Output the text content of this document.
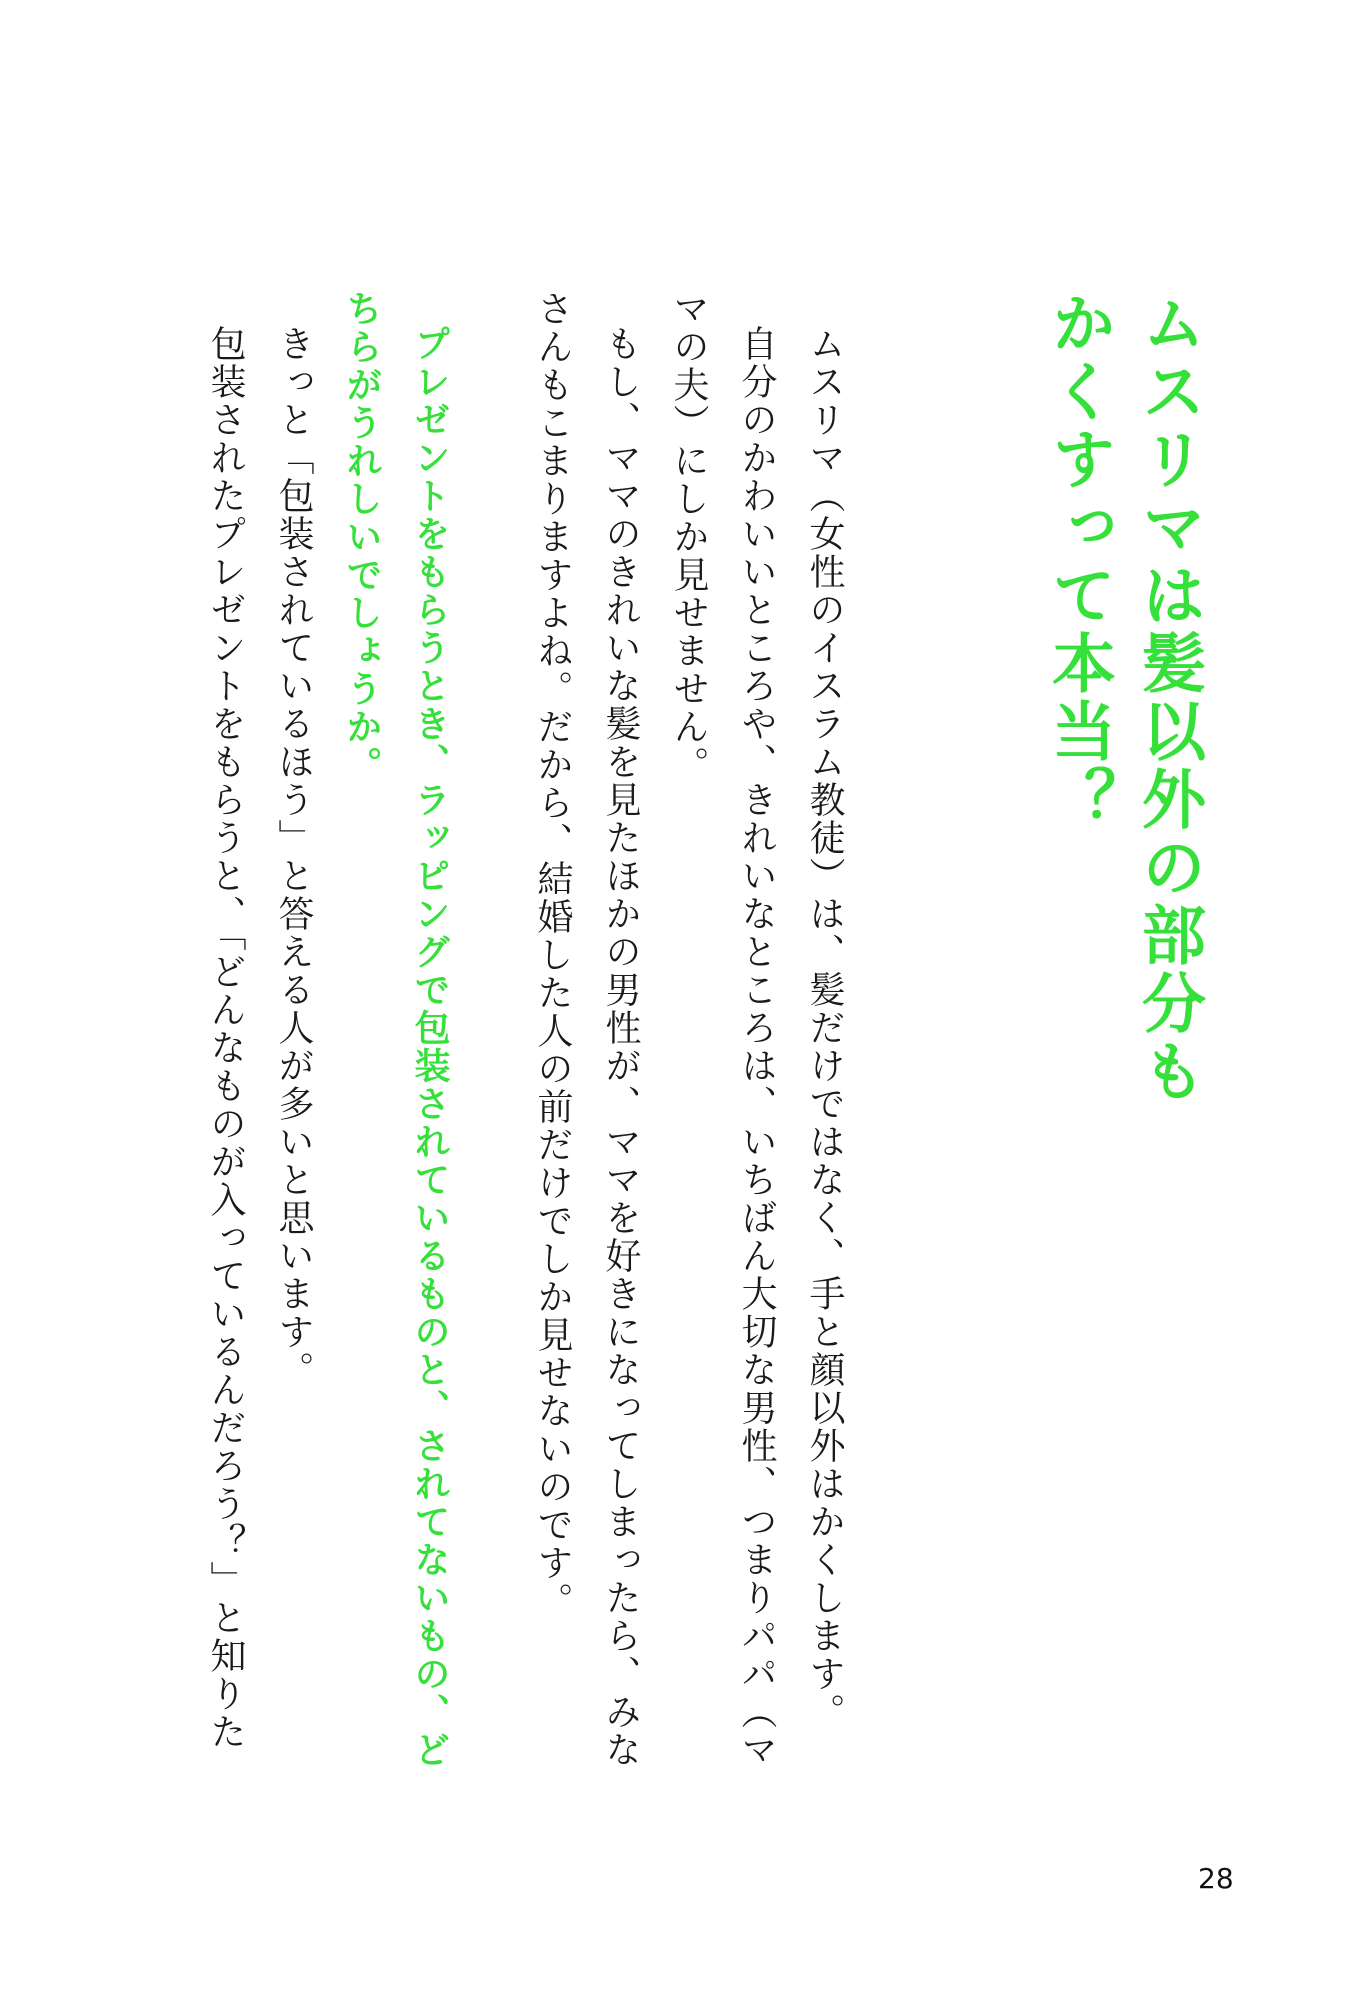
ムスリマは髪以外の部分も
かくすって本当？
ムスリマ（女性のイスラム教徒）は、髪だけではなく、手と顔以外はかくします。
自分のかわいいところや、きれいなところは、いちばん大切な男性、つまりパパ（マ
マの夫）にしか見せません。
もし、ママのきれいな髪を見たほかの男性が、ママを好きになってしまったら、みな
さんもこまりますよね。だから、結婚した人の前だけでしか見せないのです。
プレゼントをもらうとき、ラッピングで包装されているものと、されてないもの、ど
ちらがうれしいでしょうか。
きっと「包装されているほう」と答える人が多いと思います。
包装されたプレゼントをもらうと、「どんなものが入っているんだろう？」と知りた
28
